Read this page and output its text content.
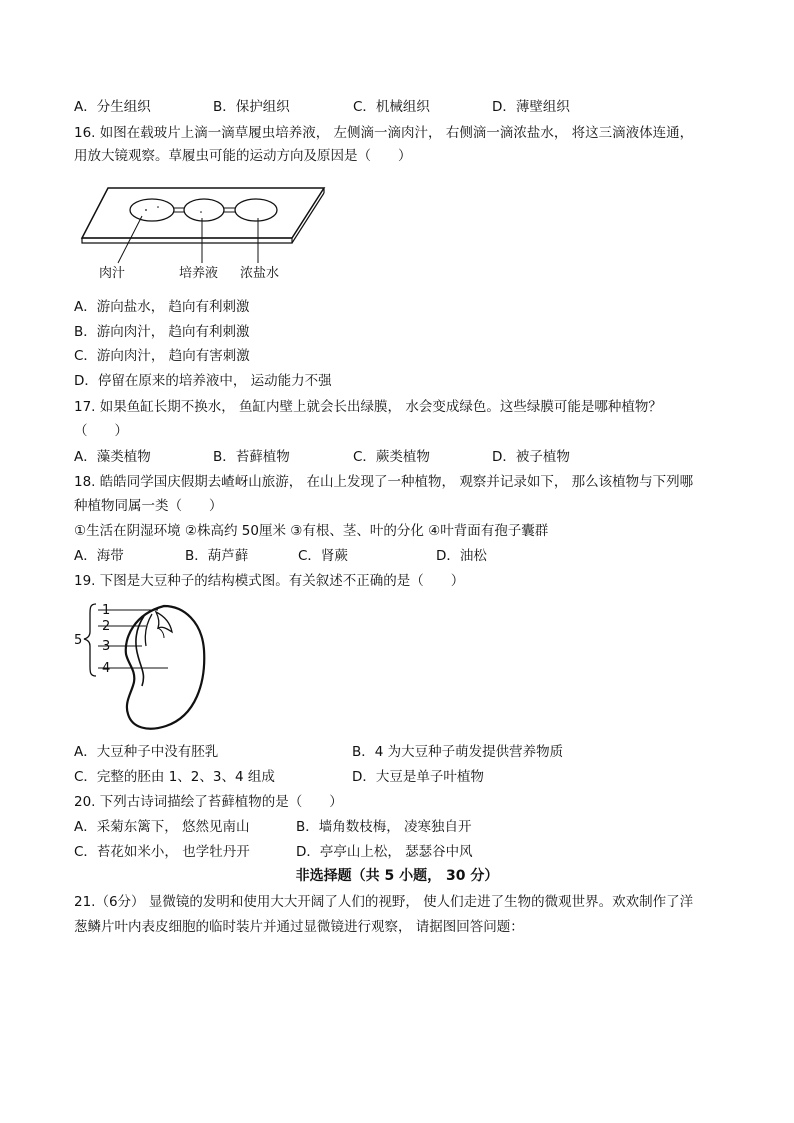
A．分生组织	B．保护组织	C．机械组织	D．薄壁组织
16. 如图在载玻片上滴一滴草履虫培养液， 左侧滴一滴肉汁， 右侧滴一滴浓盐水， 将这三滴液体连通，
用放大镜观察。草履虫可能的运动方向及原因是（　　）
肉汁	培养液 浓盐水
A．游向盐水， 趋向有利刺激
B．游向肉汁， 趋向有利刺激
C．游向肉汁， 趋向有害刺激
D．停留在原来的培养液中， 运动能力不强
17. 如果鱼缸长期不换水， 鱼缸内壁上就会长出绿膜， 水会变成绿色。这些绿膜可能是哪种植物？
（　　）
A．藻类植物	B．苔藓植物	C．蕨类植物	D．被子植物
18. 皓皓同学国庆假期去嵖岈山旅游， 在山上发现了一种植物， 观察并记录如下， 那么该植物与下列哪
种植物同属一类（　　）
①生活在阴湿环境 ②株高约 50厘米 ③有根、茎、叶的分化 ④叶背面有孢子囊群
A．海带	B．葫芦藓	C．肾蕨	D．油松
19. 下图是大豆种子的结构模式图。有关叙述不正确的是（　　）
1
2
3
4
5
A．大豆种子中没有胚乳	B．4 为大豆种子萌发提供营养物质
C．完整的胚由 1、2、3、4 组成	D．大豆是单子叶植物
20. 下列古诗词描绘了苔藓植物的是（　　）
A．采菊东篱下， 悠然见南山	B．墙角数枝梅， 凌寒独自开
C．苔花如米小， 也学牡丹开	D．亭亭山上松， 瑟瑟谷中风
非选择题（共 5 小题， 30 分）
21.（6分） 显微镜的发明和使用大大开阔了人们的视野， 使人们走进了生物的微观世界。欢欢制作了洋
葱鳞片叶内表皮细胞的临时装片并通过显微镜进行观察， 请据图回答问题：
